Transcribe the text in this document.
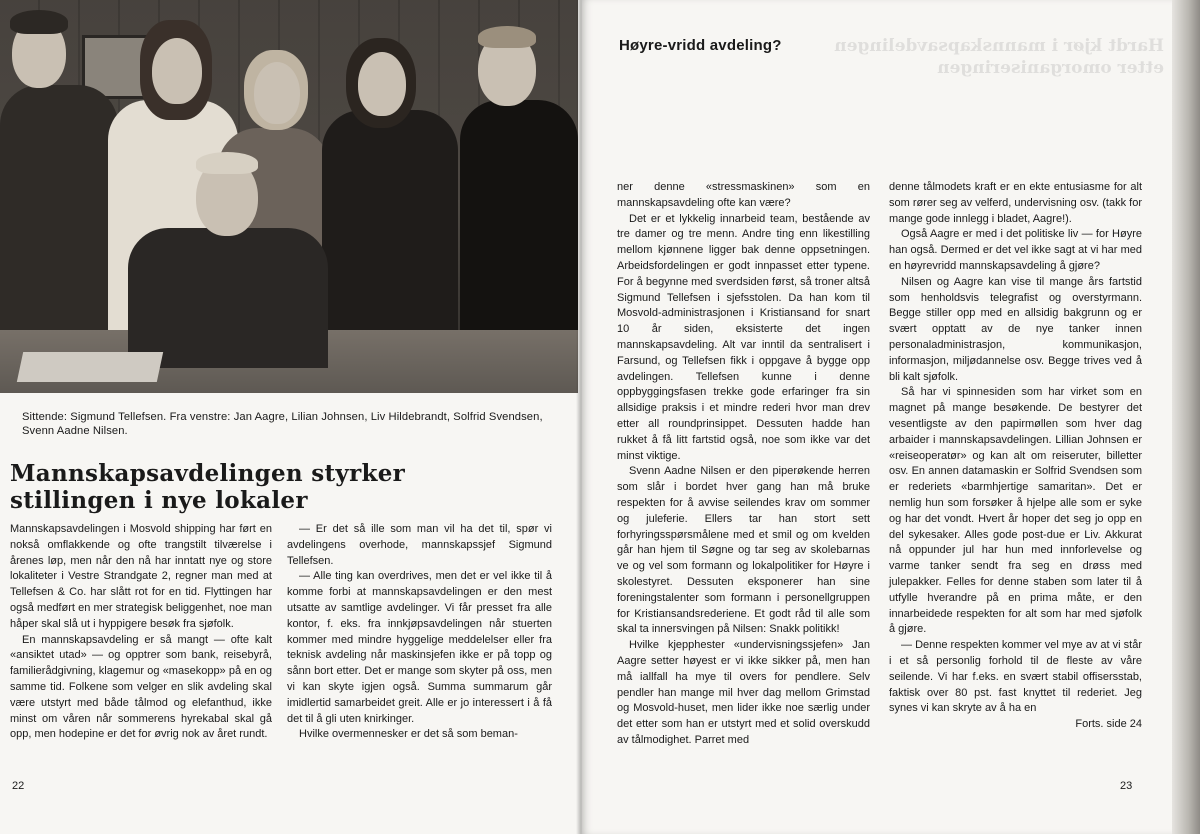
Sittende: Sigmund Tellefsen. Fra venstre: Jan Aagre, Lilian Johnsen, Liv Hildebrandt, Solfrid Svendsen, Svenn Aadne Nilsen.
Mannskapsavdelingen styrker
stillingen i nye lokaler

Mannskapsavdelingen i Mosvold shipping har ført en nokså omflakkende og ofte trangstilt tilværelse i årenes løp, men når den nå har inntatt nye og store lokaliteter i Vestre Strandgate 2, regner man med at Tellefsen & Co. har slått rot for en tid. Flyttingen har også medført en mer strategisk beliggenhet, noe man håper skal slå ut i hyppigere besøk fra sjøfolk.

En mannskapsavdeling er så mangt — ofte kalt «ansiktet utad» — og opptrer som bank, reisebyrå, familierådgivning, klagemur og «masekopp» på en og samme tid. Folkene som velger en slik avdeling skal være utstyrt med både tålmod og elefanthud, ikke minst om våren når sommerens hyrekabal skal gå opp, men hodepine er det for øvrig nok av året rundt.

— Er det så ille som man vil ha det til, spør vi avdelingens overhode, mannskapssjef Sigmund Tellefsen.

— Alle ting kan overdrives, men det er vel ikke til å komme forbi at mannskapsavdelingen er den mest utsatte av samtlige avdelinger. Vi får presset fra alle kontor, f. eks. fra innkjøpsavdelingen når stuerten kommer med mindre hyggelige meddelelser eller fra teknisk avdeling når maskinsjefen ikke er på topp og sånn bort etter. Det er mange som skyter på oss, men vi kan skyte igjen også. Summa summarum går imidlertid samarbeidet greit. Alle er jo interessert i å få det til å gli uten knirkinger.

Hvilke overmennesker er det så som beman-

22
Hardt kjør i mannskapsavdelingen etter omorganiseringen
Høyre-vridd avdeling?

ner denne «stressmaskinen» som en mannskapsavdeling ofte kan være?

Det er et lykkelig innarbeid team, bestående av tre damer og tre menn. Andre ting enn likestilling mellom kjønnene ligger bak denne oppsetningen. Arbeidsfordelingen er godt innpasset etter typene. For å begynne med sverdsiden først, så troner altså Sigmund Tellefsen i sjefsstolen. Da han kom til Mosvold-administrasjonen i Kristiansand for snart 10 år siden, eksisterte det ingen mannskapsavdeling. Alt var inntil da sentralisert i Farsund, og Tellefsen fikk i oppgave å bygge opp avdelingen. Tellefsen kunne i denne oppbyggingsfasen trekke gode erfaringer fra sin allsidige praksis i et mindre rederi hvor man drev etter all roundprinsippet. Dessuten hadde han rukket å få litt fartstid også, noe som ikke var det minst viktige.

Svenn Aadne Nilsen er den piperøkende herren som slår i bordet hver gang han må bruke respekten for å avvise seilendes krav om sommer og juleferie. Ellers tar han stort sett forhyringsspørsmålene med et smil og om kvelden går han hjem til Søgne og tar seg av skolebarnas ve og vel som formann og lokalpolitiker for Høyre i skolestyret. Dessuten eksponerer han sine foreningstalenter som formann i personellgruppen for Kristiansandsrederiene. Et godt råd til alle som skal ta innersvingen på Nilsen: Snakk politikk!

Hvilke kjepphester «undervisningssjefen» Jan Aagre setter høyest er vi ikke sikker på, men han må iallfall ha mye til overs for pendlere. Selv pendler han mange mil hver dag mellom Grimstad og Mosvold-huset, men lider ikke noe særlig under det etter som han er utstyrt med et solid overskudd av tålmodighet. Parret med

denne tålmodets kraft er en ekte entusiasme for alt som rører seg av velferd, undervisning osv. (takk for mange gode innlegg i bladet, Aagre!).

Også Aagre er med i det politiske liv — for Høyre han også. Dermed er det vel ikke sagt at vi har med en høyrevridd mannskapsavdeling å gjøre?

Nilsen og Aagre kan vise til mange års fartstid som henholdsvis telegrafist og overstyrmann. Begge stiller opp med en allsidig bakgrunn og er svært opptatt av de nye tanker innen personaladministrasjon, kommunikasjon, informasjon, miljødannelse osv. Begge trives ved å bli kalt sjøfolk.

Så har vi spinnesiden som har virket som en magnet på mange besøkende. De bestyrer det vesentligste av den papirmøllen som hver dag arbaider i mannskapsavdelingen. Lillian Johnsen er «reiseoperatør» og kan alt om reiseruter, billetter osv. En annen datamaskin er Solfrid Svendsen som er rederiets «barmhjertige samaritan». Det er nemlig hun som forsøker å hjelpe alle som er syke og har det vondt. Hvert år hoper det seg jo opp en del sykesaker. Alles gode post-due er Liv. Akkurat nå oppunder jul har hun med innforlevelse og varme tanker sendt fra seg en drøss med julepakker. Felles for denne staben som later til å utfylle hverandre på en prima måte, er den innarbeidede respekten for alt som har med sjøfolk å gjøre.

— Denne respekten kommer vel mye av at vi står i et så personlig forhold til de fleste av våre seilende. Vi har f.eks. en svært stabil offisersstab, faktisk over 80 pst. fast knyttet til rederiet. Jeg synes vi kan skryte av å ha en

Forts. side 24
23
